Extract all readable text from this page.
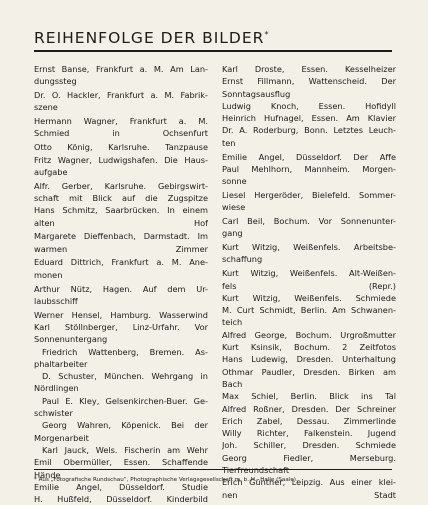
REIHENFOLGE DER BILDER*
Ernst Banse, Frankfurt a. M. Am Lan-
dungssteg
Dr. O. Hackler, Frankfurt a. M. Fabrik-
szene
Hermann Wagner, Frankfurt a. M.
Schmied in Ochsenfurt
Otto König, Karlsruhe. Tanzpause
Fritz Wagner, Ludwigshafen. Die Haus-
aufgabe
Alfr. Gerber, Karlsruhe. Gebirgswirt-
schaft mit Blick auf die Zugspitze
Hans Schmitz, Saarbrücken. In einem
alten Hof
Margarete Dieffenbach, Darmstadt. Im
warmen Zimmer
Eduard Dittrich, Frankfurt a. M. Ane-
monen
Arthur Nütz, Hagen. Auf dem Ur-
laubsschiff
Werner Hensel, Hamburg. Wasserwind
Karl Stöllnberger, Linz-Urfahr. Vor
Sonnenuntergang
Friedrich Wattenberg, Bremen. As-
phaltarbeiter
D. Schuster, München. Wehrgang in
Nördlingen
Paul E. Kley, Gelsenkirchen-Buer. Ge-
schwister
Georg Wahren, Köpenick. Bei der
Morgenarbeit
Karl Jauck, Wels. Fischerin am Wehr
Emil Obermüller, Essen. Schaffende
Hände
Emilie Angel, Düsseldorf. Studie
H. Hußfeld, Düsseldorf. Kinderbild
Karl Droste, Essen. Kesselheizer
Ernst Fillmann, Wattenscheid. Der
Sonntagsausflug
Ludwig Knoch, Essen. Hofidyll
Heinrich Hufnagel, Essen. Am Klavier
Dr. A. Roderburg, Bonn. Letztes Leuch-
ten
Emilie Angel, Düsseldorf. Der Affe
Paul Mehlhorn, Mannheim. Morgen-
sonne
Liesel Hergeröder, Bielefeld. Sommer-
wiese
Carl Beil, Bochum. Vor Sonnenunter-
gang
Kurt Witzig, Weißenfels. Arbeitsbe-
schaffung
Kurt Witzig, Weißenfels. Alt-Weißen-
fels (Repr.)
Kurt Witzig, Weißenfels. Schmiede
M. Curt Schmidt, Berlin. Am Schwanen-
teich
Alfred George, Bochum. Urgroßmutter
Kurt Ksinsik, Bochum. 2 Zeitfotos
Hans Ludewig, Dresden. Unterhaltung
Othmar Paudler, Dresden. Birken am
Bach
Max Schiel, Berlin. Blick ins Tal
Alfred Roßner, Dresden. Der Schreiner
Erich Zabel, Dessau. Zimmerlinde
Willy Richter, Falkenstein. Jugend
Joh. Schiller, Dresden. Schmiede
Georg Fiedler, Merseburg.
Tierfreundschaft
Erich Günther, Leipzig. Aus einer klei-
nen Stadt
* Aus „Fotografische Rundschau“, Photographische Verlagsgesellschaft m. b. H., Halle (Saale).
